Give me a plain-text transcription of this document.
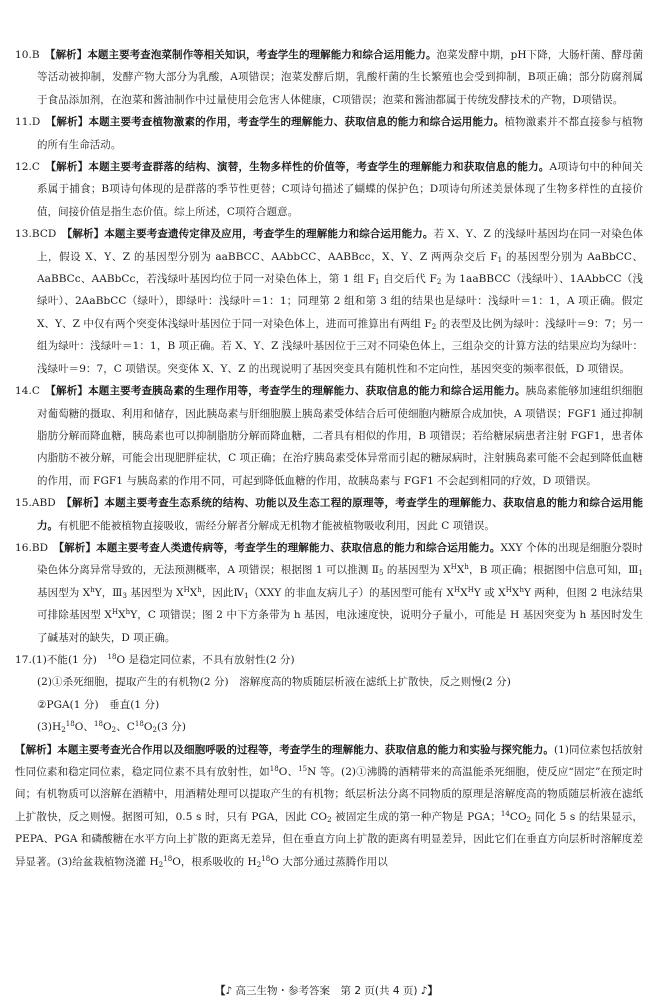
10.B  【解析】本题主要考查泡菜制作等相关知识，考查学生的理解能力和综合运用能力。泡菜发酵中期，pH下降，大肠杆菌、酵母菌等活动被抑制，发酵产物大部分为乳酸，A项错误；泡菜发酵后期，乳酸杆菌的生长繁殖也会受到抑制，B项正确；部分防腐剂属于食品添加剂，在泡菜和酱油制作中过量使用会危害人体健康，C项错误；泡菜和酱油都属于传统发酵技术的产物，D项错误。

11.D  【解析】本题主要考查植物激素的作用，考查学生的理解能力、获取信息的能力和综合运用能力。植物激素并不都直接参与植物的所有生命活动。

12.C  【解析】本题主要考查群落的结构、演替，生物多样性的价值等，考查学生的理解能力和获取信息的能力。A项诗句中的种间关系属于捕食；B项诗句体现的是群落的季节性更替；C项诗句描述了蝴蝶的保护色；D项诗句所述美景体现了生物多样性的直接价值，间接价值是指生态价值。综上所述，C项符合题意。

13.BCD  【解析】本题主要考查遗传定律及应用，考查学生的理解能力和综合运用能力。若 X、Y、Z 的浅绿叶基因均在同一对染色体上，假设 X、Y、Z 的基因型分别为 aaBBCC、AAbbCC、AABBcc，X、Y、Z 两两杂交后 $F_1$ 的基因型分别为 AaBbCC、AaBBCc、AABbCc，若浅绿叶基因均位于同一对染色体上，第 1 组 $F_1$ 自交后代 $F_2$ 为 1aaBBCC（浅绿叶）、1AAbbCC（浅绿叶）、2AaBbCC（绿叶），即绿叶：浅绿叶＝1：1；同理第 2 组和第 3 组的结果也是绿叶：浅绿叶＝1：1，A 项正确。假定 X、Y、Z 中仅有两个突变体浅绿叶基因位于同一对染色体上，进而可推算出有两组 $F_2$ 的表型及比例为绿叶：浅绿叶＝9：7；另一组为绿叶：浅绿叶＝1：1，B 项正确。若 X、Y、Z 浅绿叶基因位于三对不同染色体上，三组杂交的计算方法的结果应均为绿叶：浅绿叶＝9：7，C 项错误。突变体 X、Y、Z 的出现说明了基因突变具有随机性和不定向性，基因突变的频率很低，D 项错误。

14.C  【解析】本题主要考查胰岛素的生理作用等，考查学生的理解能力、获取信息的能力和综合运用能力。胰岛素能够加速组织细胞对葡萄糖的摄取、利用和储存，因此胰岛素与肝细胞膜上胰岛素受体结合后可使细胞内糖原合成加快，A 项错误；FGF1 通过抑制脂肪分解而降血糖，胰岛素也可以抑制脂肪分解而降血糖，二者具有相似的作用，B 项错误；若给糖尿病患者注射 FGF1，患者体内脂肪不被分解，可能会出现肥胖症状，C 项正确；在治疗胰岛素受体异常而引起的糖尿病时，注射胰岛素可能不会起到降低血糖的作用，而 FGF1 与胰岛素的作用不同，可起到降低血糖的作用，故胰岛素与 FGF1 不会起到相同的疗效，D 项错误。

15.ABD  【解析】本题主要考查生态系统的结构、功能以及生态工程的原理等，考查学生的理解能力、获取信息的能力和综合运用能力。有机肥不能被植物直接吸收，需经分解者分解成无机物才能被植物吸收利用，因此 C 项错误。

16.BD  【解析】本题主要考查人类遗传病等，考查学生的理解能力、获取信息的能力和综合运用能力。XXY 个体的出现是细胞分裂时染色体分离异常导致的，无法预测概率，A 项错误；根据图 1 可以推测 $Ⅱ_5$ 的基因型为 $X^HX^h$，B 项正确；根据图中信息可知，$Ⅲ_1$ 基因型为 $X^hY$，$Ⅲ_3$ 基因型为 $X^HX^h$，因此$Ⅳ_1(XXY$ 的非血友病儿子）的基因型可能有 $X^HX^HY$ 或 $X^HX^hY$ 两种，但图 2 电泳结果可排除基因型 $X^HX^hY$，C 项错误；图 2 中下方条带为 h 基因，电泳速度快，说明分子量小，可能是 H 基因突变为 h 基因时发生了碱基对的缺失，D 项正确。

17.(1)不能(1 分)　$^{18}$O 是稳定同位素，不具有放射性(2 分)

(2)①杀死细胞，提取产生的有机物(2 分)　溶解度高的物质随层析液在滤纸上扩散快，反之则慢(2 分)

②PGA(1 分)　垂直(1 分)

$(3)H_2^{18}O$、$^{18}O_2$、$C^{18}O_2(3$ 分)

【解析】本题主要考查光合作用以及细胞呼吸的过程等，考查学生的理解能力、获取信息的能力和实验与探究能力。(1)同位素包括放射性同位素和稳定同位素，稳定同位素不具有放射性，如$^{18}$O、$^{15}$N 等。(2)①沸腾的酒精带来的高温能杀死细胞，使反应“固定”在预定时间；有机物质可以溶解在酒精中，用酒精处理可以提取产生的有机物；纸层析法分离不同物质的原理是溶解度高的物质随层析液在滤纸上扩散快，反之则慢。据图可知，0.5 s 时，只有 PGA，因此 $CO_2$ 被固定生成的第一种产物是 PGA；$^{14}CO_2$ 同化 5 s 的结果显示，PEPA、PGA 和磷酸糖在水平方向上扩散的距离无差异，但在垂直方向上扩散的距离有明显差异，因此它们在垂直方向层析时溶解度差异显著。(3)给盆栽植物浇灌 $H_2^{18}O$，根系吸收的 $H_2^{18}O$ 大部分通过蒸腾作用以

【♪ 高三生物・参考答案　第 2 页(共 4 页) ♪】
